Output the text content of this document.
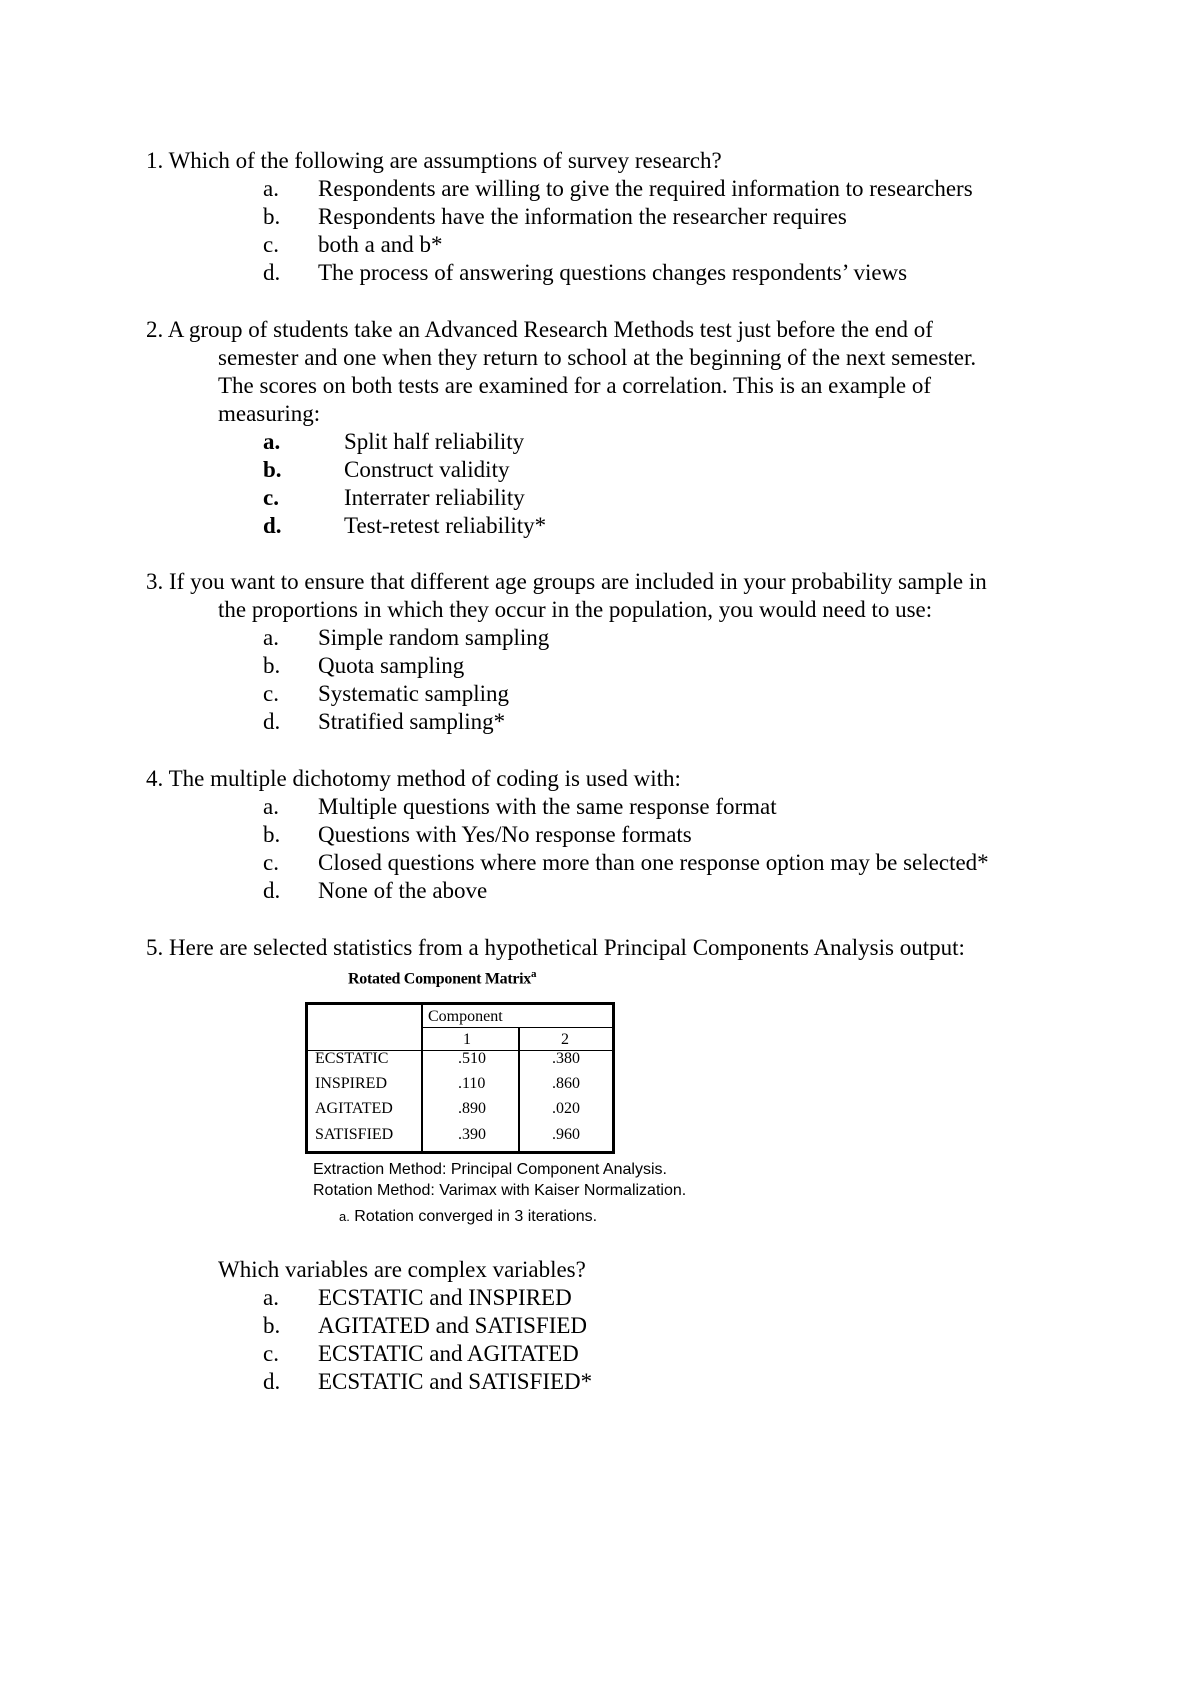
1. Which of the following are assumptions of survey research?
a. Respondents are willing to give the required information to researchers
b. Respondents have the information the researcher requires
c. both a and b*
d. The process of answering questions changes respondents’ views
2. A group of students take an Advanced Research Methods test just before the end of
semester and one when they return to school at the beginning of the next semester.
The scores on both tests are examined for a correlation. This is an example of
measuring:
a.	Split half reliability
b.	Construct validity
c.	Interrater reliability
d.	Test-retest reliability*
3. If you want to ensure that different age groups are included in your probability sample in
the proportions in which they occur in the population, you would need to use:
a. Simple random sampling
b. Quota sampling
c. Systematic sampling
d. Stratified sampling*
4. The multiple dichotomy method of coding is used with:
a. Multiple questions with the same response format
b. Questions with Yes/No response formats
c. Closed questions where more than one response option may be selected*
d. None of the above
5. Here are selected statistics from a hypothetical Principal Components Analysis output:
Rotated Component Matrix$^a$
Component
1	2
ECSTATIC	.510	.380
INSPIRED	.110	.860
AGITATED	.890	.020
SATISFIED	.390	.960
Extraction Method: Principal Component Analysis.
Rotation Method: Varimax with Kaiser Normalization.
a. Rotation converged in 3 iterations.
Which variables are complex variables?
a. ECSTATIC and INSPIRED
b. AGITATED and SATISFIED
c. ECSTATIC and AGITATED
d. ECSTATIC and SATISFIED*
